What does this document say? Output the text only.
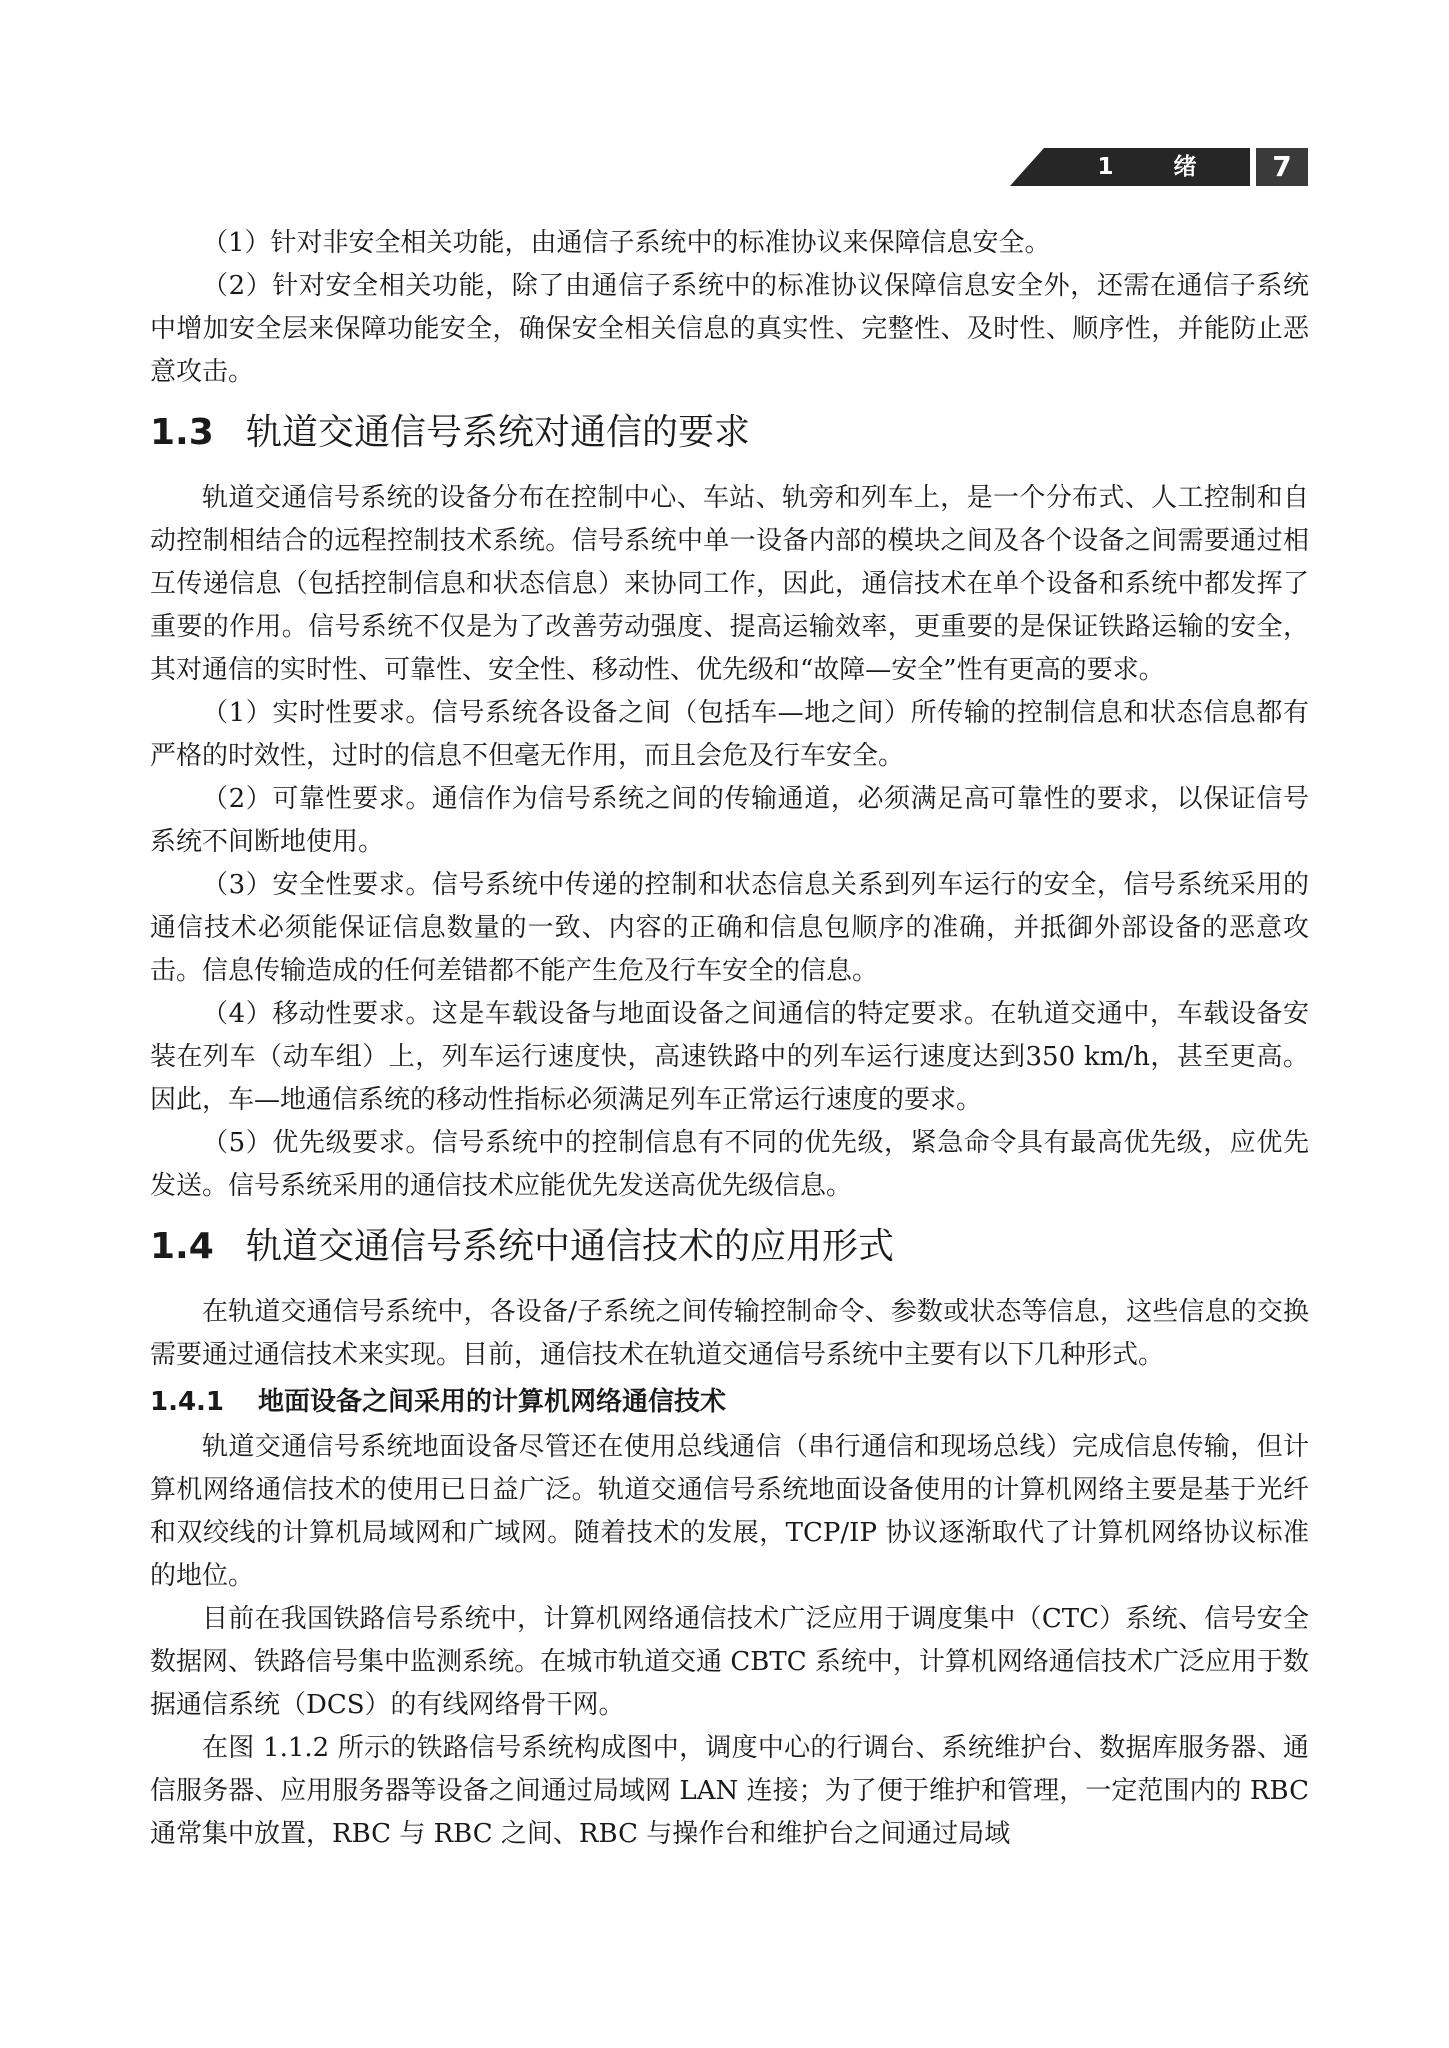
1 绪 论
7

（1）针对非安全相关功能，由通信子系统中的标准协议来保障信息安全。

（2）针对安全相关功能，除了由通信子系统中的标准协议保障信息安全外，还需在通信子系统中增加安全层来保障功能安全，确保安全相关信息的真实性、完整性、及时性、顺序性，并能防止恶意攻击。

1.3 轨道交通信号系统对通信的要求

轨道交通信号系统的设备分布在控制中心、车站、轨旁和列车上，是一个分布式、人工控制和自动控制相结合的远程控制技术系统。信号系统中单一设备内部的模块之间及各个设备之间需要通过相互传递信息（包括控制信息和状态信息）来协同工作，因此，通信技术在单个设备和系统中都发挥了重要的作用。信号系统不仅是为了改善劳动强度、提高运输效率，更重要的是保证铁路运输的安全，其对通信的实时性、可靠性、安全性、移动性、优先级和“故障—安全”性有更高的要求。

（1）实时性要求。信号系统各设备之间（包括车—地之间）所传输的控制信息和状态信息都有严格的时效性，过时的信息不但毫无作用，而且会危及行车安全。

（2）可靠性要求。通信作为信号系统之间的传输通道，必须满足高可靠性的要求，以保证信号系统不间断地使用。

（3）安全性要求。信号系统中传递的控制和状态信息关系到列车运行的安全，信号系统采用的通信技术必须能保证信息数量的一致、内容的正确和信息包顺序的准确，并抵御外部设备的恶意攻击。信息传输造成的任何差错都不能产生危及行车安全的信息。

（4）移动性要求。这是车载设备与地面设备之间通信的特定要求。在轨道交通中，车载设备安装在列车（动车组）上，列车运行速度快，高速铁路中的列车运行速度达到350 km/h，甚至更高。因此，车—地通信系统的移动性指标必须满足列车正常运行速度的要求。

（5）优先级要求。信号系统中的控制信息有不同的优先级，紧急命令具有最高优先级，应优先发送。信号系统采用的通信技术应能优先发送高优先级信息。

1.4 轨道交通信号系统中通信技术的应用形式

在轨道交通信号系统中，各设备/子系统之间传输控制命令、参数或状态等信息，这些信息的交换需要通过通信技术来实现。目前，通信技术在轨道交通信号系统中主要有以下几种形式。

1.4.1 地面设备之间采用的计算机网络通信技术

轨道交通信号系统地面设备尽管还在使用总线通信（串行通信和现场总线）完成信息传输，但计算机网络通信技术的使用已日益广泛。轨道交通信号系统地面设备使用的计算机网络主要是基于光纤和双绞线的计算机局域网和广域网。随着技术的发展，TCP/IP 协议逐渐取代了计算机网络协议标准的地位。

目前在我国铁路信号系统中，计算机网络通信技术广泛应用于调度集中（CTC）系统、信号安全数据网、铁路信号集中监测系统。在城市轨道交通 CBTC 系统中，计算机网络通信技术广泛应用于数据通信系统（DCS）的有线网络骨干网。

在图 1.1.2 所示的铁路信号系统构成图中，调度中心的行调台、系统维护台、数据库服务器、通信服务器、应用服务器等设备之间通过局域网 LAN 连接；为了便于维护和管理，一定范围内的 RBC 通常集中放置，RBC 与 RBC 之间、RBC 与操作台和维护台之间通过局域
